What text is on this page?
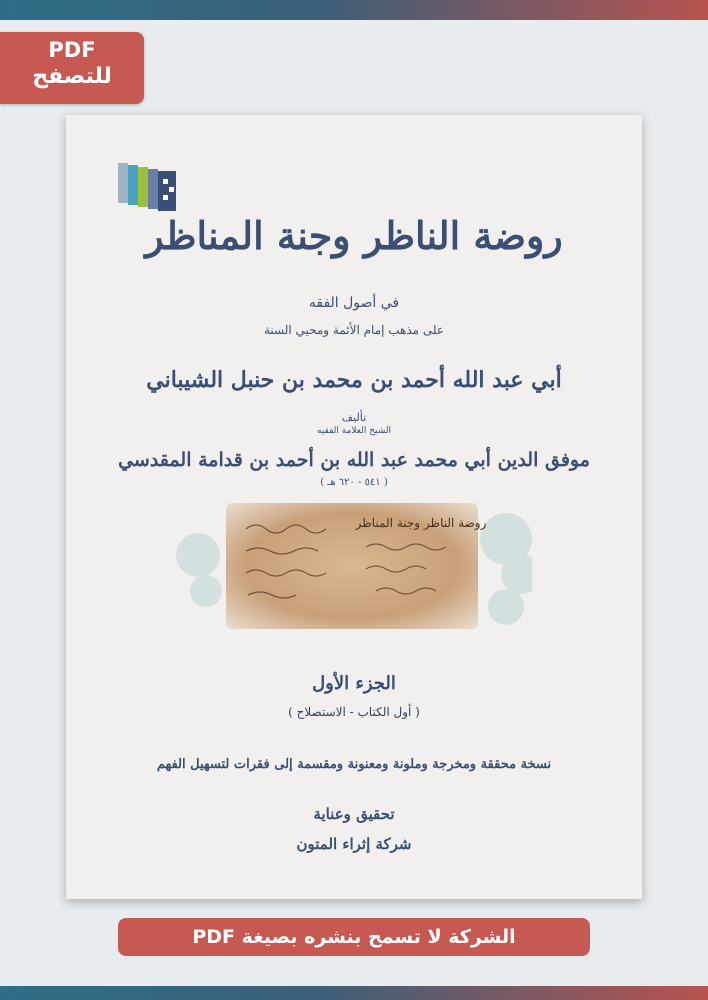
PDF
للتصفح
روضة الناظر وجنة المناظر
في أصول الفقه
على مذهب إمام الأئمة ومحيي السنة
أبي عبد الله أحمد بن محمد بن حنبل الشيباني
تأليف
الشيخ العلامة الفقيه
موفق الدين أبي محمد عبد الله بن أحمد بن قدامة المقدسي
( ٥٤١ - ٦٢٠ هـ )
روضة الناظر وجنة المناظر
الجزء الأول
( أول الكتاب - الاستصلاح )
نسخة محققة ومخرجة وملونة ومعنونة ومقسمة إلى فقرات لتسهيل الفهم
تحقيق وعناية
شركة إثراء المتون
الشركة لا تسمح بنشره بصيغة PDF
